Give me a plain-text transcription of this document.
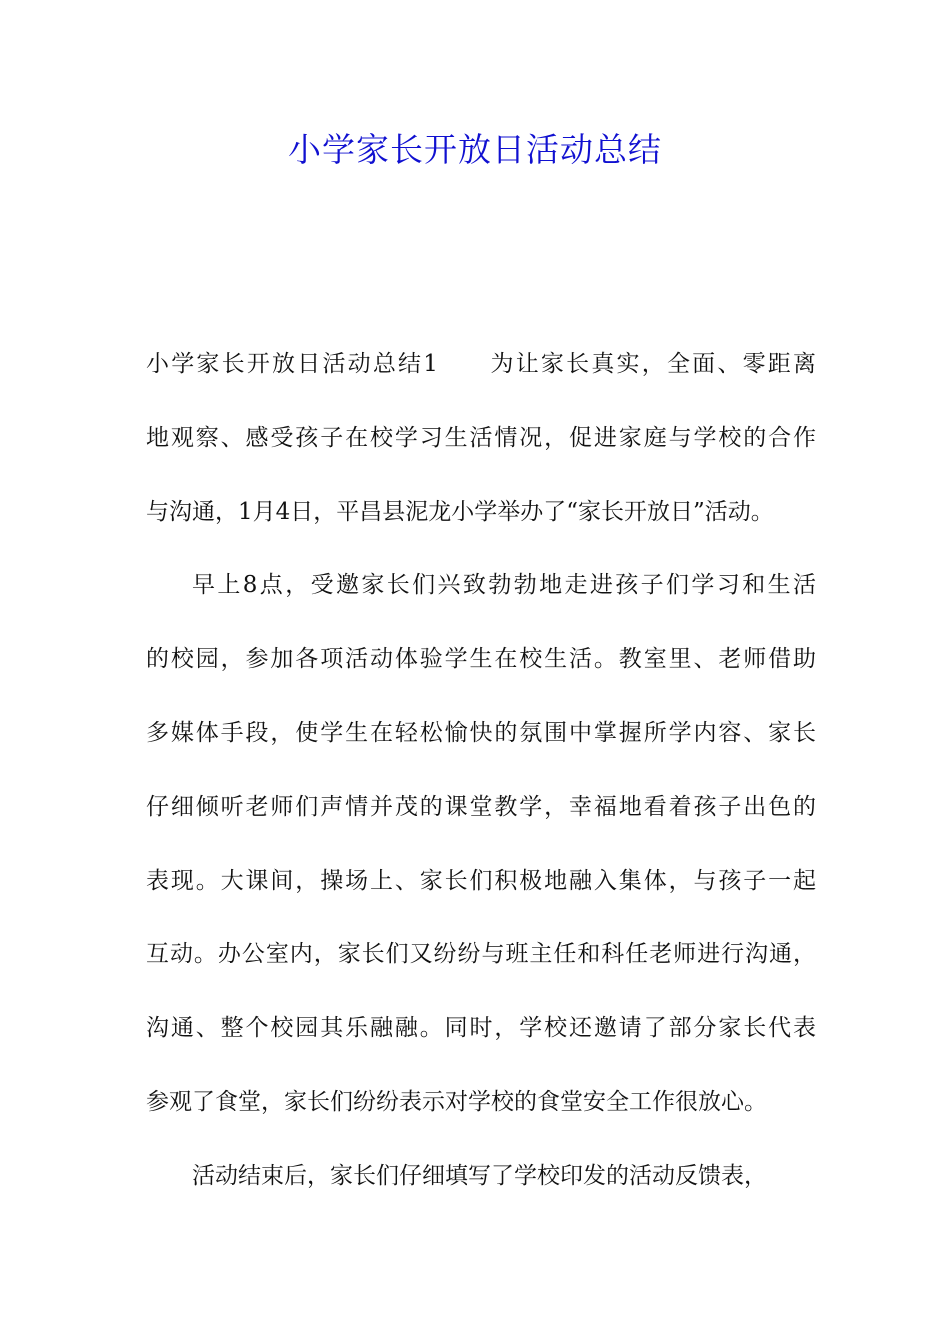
小学家长开放日活动总结
小学家长开放日活动总结1　　为让家长真实，全面、零距离
地观察、感受孩子在校学习生活情况，促进家庭与学校的合作
与沟通，1月4日，平昌县泥龙小学举办了“家长开放日”活动。
早上8点，受邀家长们兴致勃勃地走进孩子们学习和生活
的校园，参加各项活动体验学生在校生活。教室里、老师借助
多媒体手段，使学生在轻松愉快的氛围中掌握所学内容、家长
仔细倾听老师们声情并茂的课堂教学，幸福地看着孩子出色的
表现。大课间，操场上、家长们积极地融入集体，与孩子一起
互动。办公室内，家长们又纷纷与班主任和科任老师进行沟通，
沟通、整个校园其乐融融。同时，学校还邀请了部分家长代表
参观了食堂，家长们纷纷表示对学校的食堂安全工作很放心。
活动结束后，家长们仔细填写了学校印发的活动反馈表，
